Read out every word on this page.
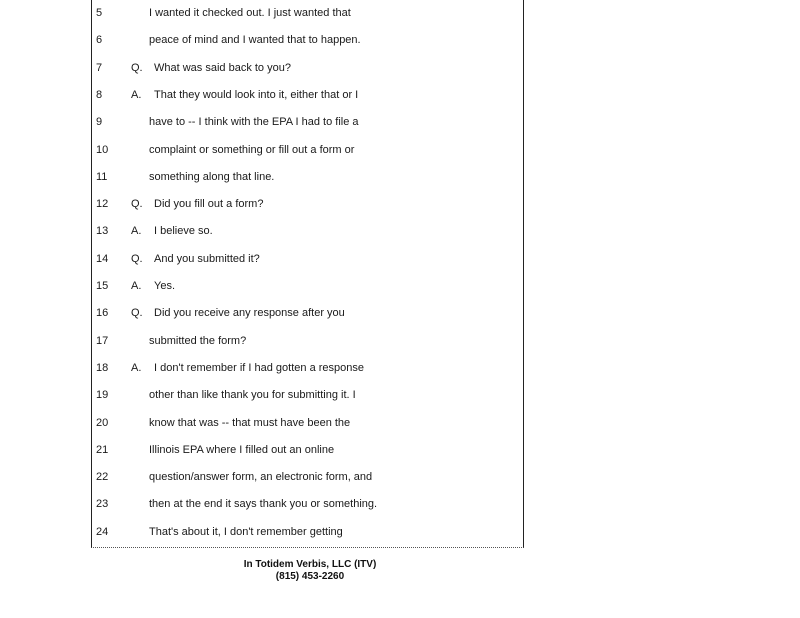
5	I wanted it checked out. I just wanted that
6	peace of mind and I wanted that to happen.
7	Q. What was said back to you?
8	A. That they would look into it, either that or I
9	have to -- I think with the EPA I had to file a
10	complaint or something or fill out a form or
11	something along that line.
12	Q. Did you fill out a form?
13	A. I believe so.
14	Q. And you submitted it?
15	A. Yes.
16	Q. Did you receive any response after you
17	submitted the form?
18	A. I don't remember if I had gotten a response
19	other than like thank you for submitting it. I
20	know that was -- that must have been the
21	Illinois EPA where I filled out an online
22	question/answer form, an electronic form, and
23	then at the end it says thank you or something.
24	That's about it, I don't remember getting
In Totidem Verbis, LLC (ITV)
(815) 453-2260
